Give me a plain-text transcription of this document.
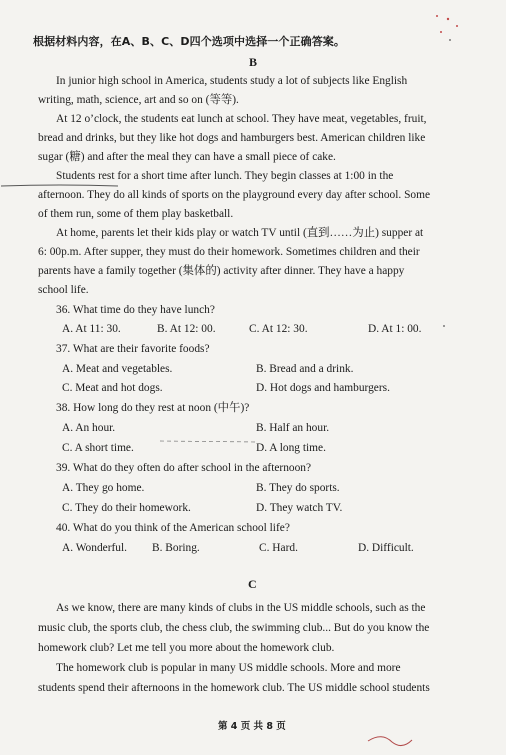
根据材料内容，在A、B、C、D四个选项中选择一个正确答案。
B
In junior high school in America, students study a lot of subjects like English
writing, math, science, art and so on (等等).
At 12 o’clock, the students eat lunch at school. They have meat, vegetables, fruit,
bread and drinks, but they like hot dogs and hamburgers best. American children like
sugar (糖) and after the meal they can have a small piece of cake.
Students rest for a short time after lunch. They begin classes at 1:00 in the
afternoon. They do all kinds of sports on the playground every day after school. Some
of them run, some of them play basketball.
At home, parents let their kids play or watch TV until (直到……为止) supper at
6: 00p.m. After supper, they must do their homework. Sometimes children and their
parents have a family together (集体的) activity after dinner. They have a happy
school life.
36. What time do they have lunch?
A. At 11: 30.	B. At 12: 00.	C. At 12: 30.	D. At 1: 00.
37. What are their favorite foods?
A. Meat and vegetables.	B. Bread and a drink.
C. Meat and hot dogs.	D. Hot dogs and hamburgers.
38. How long do they rest at noon (中午)?
A. An hour.	B. Half an hour.
C. A short time.	D. A long time.
39. What do they often do after school in the afternoon?
A. They go home.	B. They do sports.
C. They do their homework.	D. They watch TV.
40. What do you think of the American school life?
A. Wonderful. B. Boring.	C. Hard.	D. Difficult.
C
As we know, there are many kinds of clubs in the US middle schools, such as the
music club, the sports club, the chess club, the swimming club... But do you know the
homework club? Let me tell you more about the homework club.
The homework club is popular in many US middle schools. More and more
students spend their afternoons in the homework club. The US middle school students
第 4 页 共 8 页
